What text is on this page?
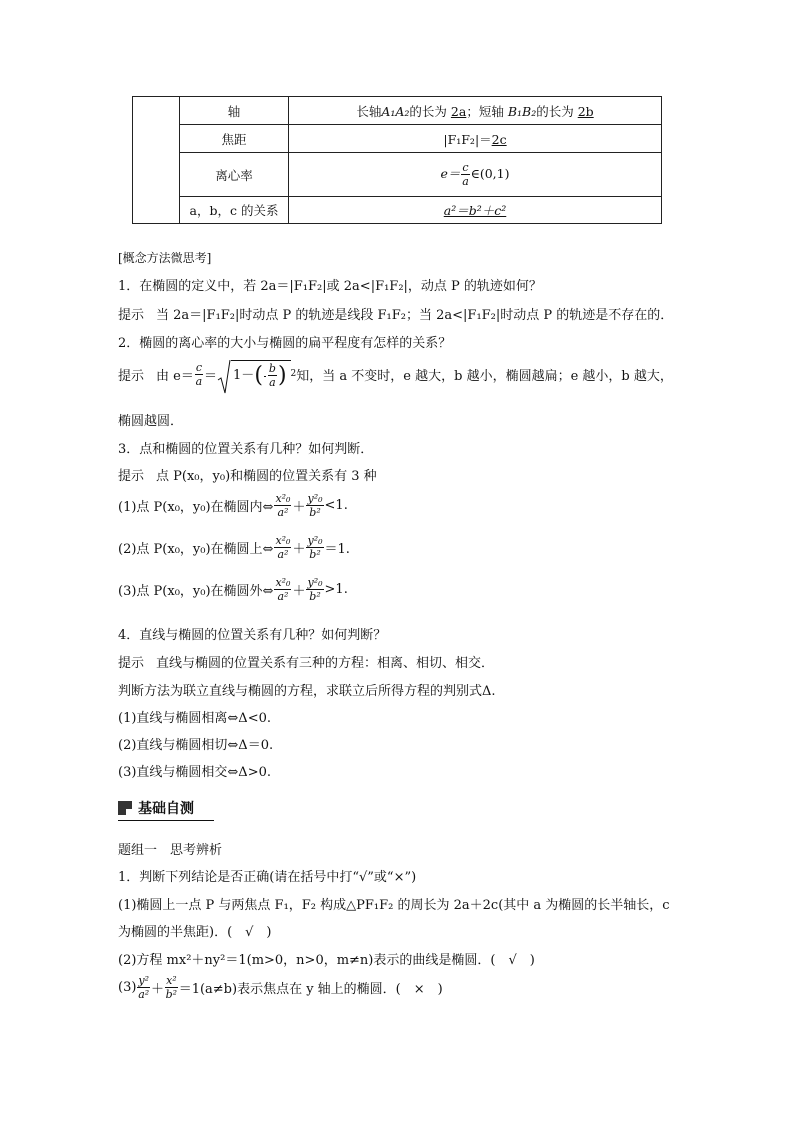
	轴	长轴A₁A₂的长为 2a；短轴 B₁B₂的长为 2b
	焦距	|F₁F₂|＝2c
	离心率	$e= \frac{c}{a}$ ∈(0,1)
	a，b，c 的关系	a²＝b²＋c²
[概念方法微思考]
1．在椭圆的定义中，若 2a＝|F₁F₂|或 2a<|F₁F₂|，动点 P 的轨迹如何？
提示 当 2a＝|F₁F₂|时动点 P 的轨迹是线段 F₁F₂；当 2a<|F₁F₂|时动点 P 的轨迹是不存在的．
2．椭圆的离心率的大小与椭圆的扁平程度有怎样的关系？
提示 由 $e= \frac{c}{a}$ ＝	$1-( \frac{b}{a}$ ) 2 知，当 a 不变时，e 越大，b 越小，椭圆越扁；e 越小，b 越大，
椭圆越圆．
3．点和椭圆的位置关系有几种？如何判断．
提示 点 P(x₀，y₀)和椭圆的位置关系有 3 种
(1)点 P(x₀，y₀)在椭圆内⇔ $\frac{\text{x²₀}}{\text{a²}} + \frac{\text{y²₀}}{\text{b²}} <1$.
(2)点 P(x₀，y₀)在椭圆上⇔ $\frac{\text{x²₀}}{\text{a²}} + \frac{\text{y²₀}}{\text{b²}} =1$.
(3)点 P(x₀，y₀)在椭圆外⇔ $\frac{\text{x²₀}}{\text{a²}} + \frac{\text{y²₀}}{\text{b²}} >1$.
4．直线与椭圆的位置关系有几种？如何判断？
提示 直线与椭圆的位置关系有三种的方程：相离、相切、相交．
判断方法为联立直线与椭圆的方程，求联立后所得方程的判别式Δ.
(1)直线与椭圆相离⇔Δ<0.
(2)直线与椭圆相切⇔Δ＝0.
(3)直线与椭圆相交⇔Δ>0.
基础自测
题组一　思考辨析
1．判断下列结论是否正确(请在括号中打“√”或“×”)
(1)椭圆上一点 P 与两焦点 F₁，F₂ 构成△PF₁F₂ 的周长为 2a＋2c(其中 a 为椭圆的长半轴长，c
为椭圆的半焦距)．(　√　)
(2)方程 mx²＋ny²＝1(m>0，n>0，m≠n)表示的曲线是椭圆．(　√　)
$(3) \frac{\text{y²}}{\text{a²}} + \frac{\text{x²}}{\text{b²}} =1(a\ne b)$表示焦点在 y 轴上的椭圆．(　×　)
